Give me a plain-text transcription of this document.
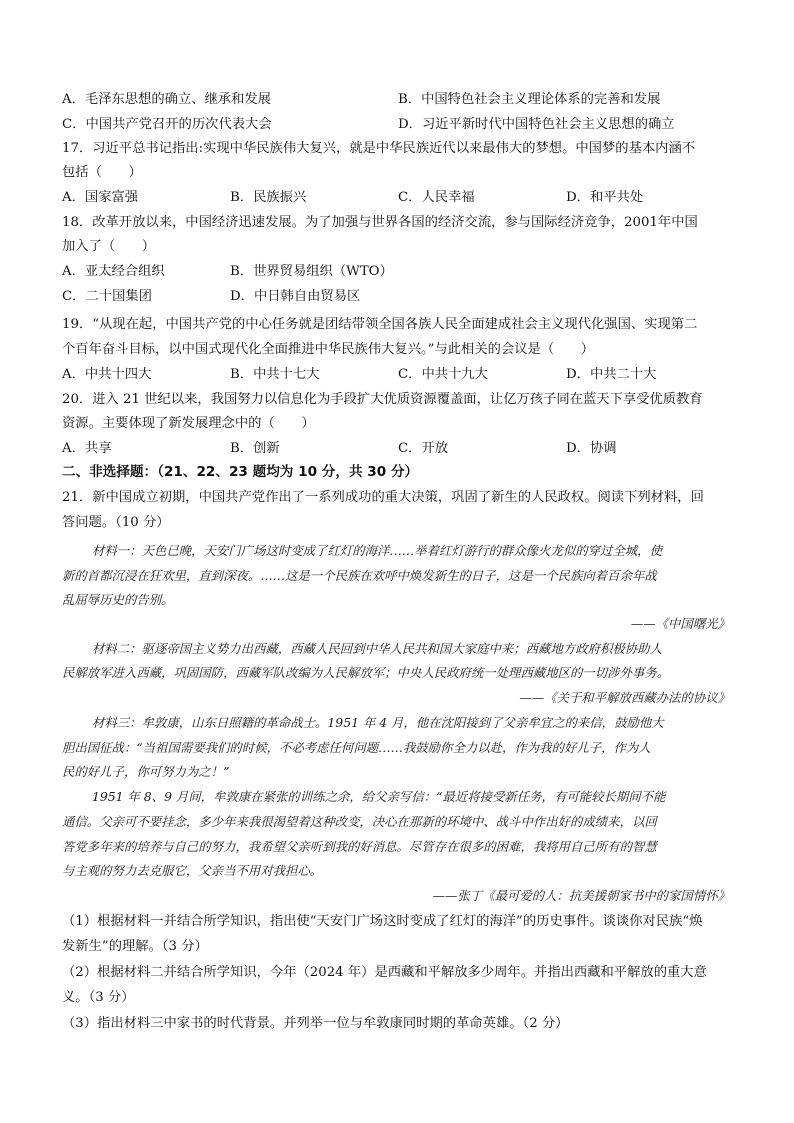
A．毛泽东思想的确立、继承和发展	B．中国特色社会主义理论体系的完善和发展
C．中国共产党召开的历次代表大会	D．习近平新时代中国特色社会主义思想的确立
17．习近平总书记指出:实现中华民族伟大复兴，就是中华民族近代以来最伟大的梦想。中国梦的基本内涵不
包括（　　）
A．国家富强	B．民族振兴	C．人民幸福	D．和平共处
18．改革开放以来，中国经济迅速发展。为了加强与世界各国的经济交流，参与国际经济竞争，2001年中国
加入了（　　）
A．亚太经合组织	B．世界贸易组织（WTO）
C．二十国集团	D．中日韩自由贸易区
19．“从现在起，中国共产党的中心任务就是团结带领全国各族人民全面建成社会主义现代化强国、实现第二
个百年奋斗目标，以中国式现代化全面推进中华民族伟大复兴。”与此相关的会议是（　　）
A．中共十四大	B．中共十七大	C．中共十九大	D．中共二十大
20．进入 21 世纪以来，我国努力以信息化为手段扩大优质资源覆盖面，让亿万孩子同在蓝天下享受优质教育
资源。主要体现了新发展理念中的（　　）
A．共享	B．创新	C．开放	D．协调
二、非选择题：（21、22、23 题均为 10 分，共 30 分）
21．新中国成立初期，中国共产党作出了一系列成功的重大决策，巩固了新生的人民政权。阅读下列材料，回
答问题。（10 分）
材料一：天色已晚，天安门广场这时变成了红灯的海洋……举着红灯游行的群众像火龙似的穿过全城，使
新的首都沉浸在狂欢里，直到深夜。……这是一个民族在欢呼中焕发新生的日子，这是一个民族向着百余年战
乱屈辱历史的告别。
——《中国曙光》
材料二：驱逐帝国主义势力出西藏，西藏人民回到中华人民共和国大家庭中来；西藏地方政府积极协助人
民解放军进入西藏，巩固国防，西藏军队改编为人民解放军；中央人民政府统一处理西藏地区的一切涉外事务。
——《关于和平解放西藏办法的协议》
材料三：牟敦康，山东日照籍的革命战士。1951 年 4 月，他在沈阳接到了父亲牟宜之的来信，鼓励他大
胆出国征战：“当祖国需要我们的时候，不必考虑任何问题……我鼓励你全力以赴，作为我的好儿子，作为人
民的好儿子，你可努力为之！”
1951 年 8、9 月间，牟敦康在紧张的训练之余，给父亲写信：“最近将接受新任务，有可能较长期间不能
通信。父亲可不要挂念，多少年来我很渴望着这种改变，决心在那新的环境中、战斗中作出好的成绩来，以回
答党多年来的培养与自己的努力，我希望父亲听到我的好消息。尽管存在很多的困难，我将用自己所有的智慧
与主观的努力去克服它，父亲当不用对我担心。
——张丁《最可爱的人：抗美援朝家书中的家国情怀》
（1）根据材料一并结合所学知识，指出使“天安门广场这时变成了红灯的海洋”的历史事件。谈谈你对民族“焕
发新生”的理解。（3 分）
（2）根据材料二并结合所学知识，今年（2024 年）是西藏和平解放多少周年。并指出西藏和平解放的重大意
义。（3 分）
（3）指出材料三中家书的时代背景。并列举一位与牟敦康同时期的革命英雄。（2 分）
